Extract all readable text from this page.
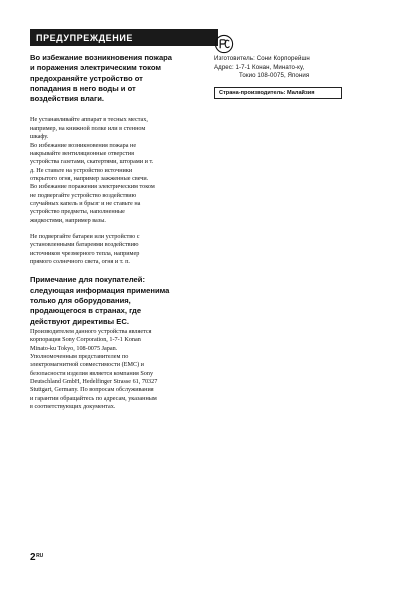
ПРЕДУПРЕЖДЕНИЕ
Во избежание возникновения пожара
и поражения электрическим током
предохраняйте устройство от
попадания в него воды и от
воздействия влаги.
Не устанавливайте аппарат в тесных местах,
например, на книжной полке или в стенном
шкафу.
Во избежание возникновения пожара не
накрывайте вентиляционные отверстия
устройства газетами, скатертями, шторами и т.
д. Не ставьте на устройство источники
открытого огня, например зажженные свечи.
Во избежание поражения электрическим током
не подвергайте устройство воздействию
случайных капель и брызг и не ставьте на
устройство предметы, наполненные
жидкостями, например вазы.
Не подвергайте батареи или устройство с
установленными батареями воздействию
источников чрезмерного тепла, например
прямого солнечного света, огня и т. п.
Примечание для покупателей:
следующая информация применима
только для оборудования,
продающегося в странах, где
действуют директивы ЕС.
Производителем данного устройства является
корпорация Sony Corporation, 1-7-1 Konan
Minato-ku Tokyo, 108-0075 Japan.
Уполномоченным представителем по
электромагнитной совместимости (EMC) и
безопасности изделия является компания Sony
Deutschland GmbH, Hedelfinger Strasse 61, 70327
Stuttgart, Germany. По вопросам обслуживания
и гарантии обращайтесь по адресам, указанным
в соответствующих документах.
Изготовитель: Сони Корпорейшн
Адрес: 1-7-1 Конан, Минато-ку,
Токио 108-0075, Япония
Страна-производитель: Малайзия
$2^{RU}$
